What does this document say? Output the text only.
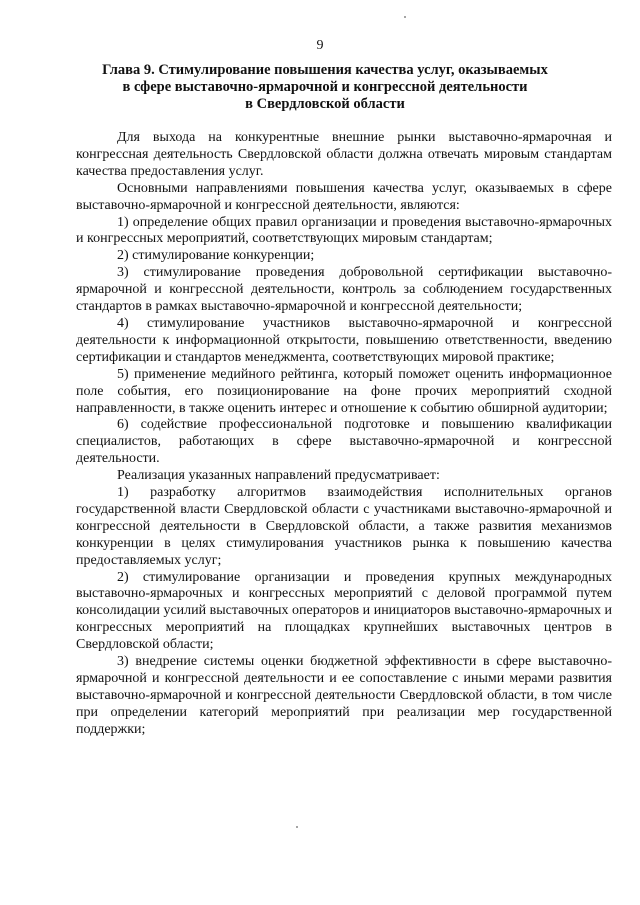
9
Глава 9. Стимулирование повышения качества услуг, оказываемых
в сфере выставочно-ярмарочной и конгрессной деятельности
в Свердловской области

Для выхода на конкурентные внешние рынки выставочно-ярмарочная и конгрессная деятельность Свердловской области должна отвечать мировым стандартам качества предоставления услуг.

Основными направлениями повышения качества услуг, оказываемых в сфере выставочно-ярмарочной и конгрессной деятельности, являются:

1) определение общих правил организации и проведения выставочно-ярмарочных и конгрессных мероприятий, соответствующих мировым стандартам;

2) стимулирование конкуренции;

3) стимулирование проведения добровольной сертификации выставочно-ярмарочной и конгрессной деятельности, контроль за соблюдением государственных стандартов в рамках выставочно-ярмарочной и конгрессной деятельности;

4) стимулирование участников выставочно-ярмарочной и конгрессной деятельности к информационной открытости, повышению ответственности, введению сертификации и стандартов менеджмента, соответствующих мировой практике;

5) применение медийного рейтинга, который поможет оценить информационное поле события, его позиционирование на фоне прочих мероприятий сходной направленности, в также оценить интерес и отношение к событию обширной аудитории;

6) содействие профессиональной подготовке и повышению квалификации специалистов, работающих в сфере выставочно-ярмарочной и конгрессной деятельности.

Реализация указанных направлений предусматривает:

1) разработку алгоритмов взаимодействия исполнительных органов государственной власти Свердловской области с участниками выставочно-ярмарочной и конгрессной деятельности в Свердловской области, а также развития механизмов конкуренции в целях стимулирования участников рынка к повышению качества предоставляемых услуг;

2) стимулирование организации и проведения крупных международных выставочно-ярмарочных и конгрессных мероприятий с деловой программой путем консолидации усилий выставочных операторов и инициаторов выставочно-ярмарочных и конгрессных мероприятий на площадках крупнейших выставочных центров в Свердловской области;

3) внедрение системы оценки бюджетной эффективности в сфере выставочно-ярмарочной и конгрессной деятельности и ее сопоставление с иными мерами развития выставочно-ярмарочной и конгрессной деятельности Свердловской области, в том числе при определении категорий мероприятий при реализации мер государственной поддержки;
